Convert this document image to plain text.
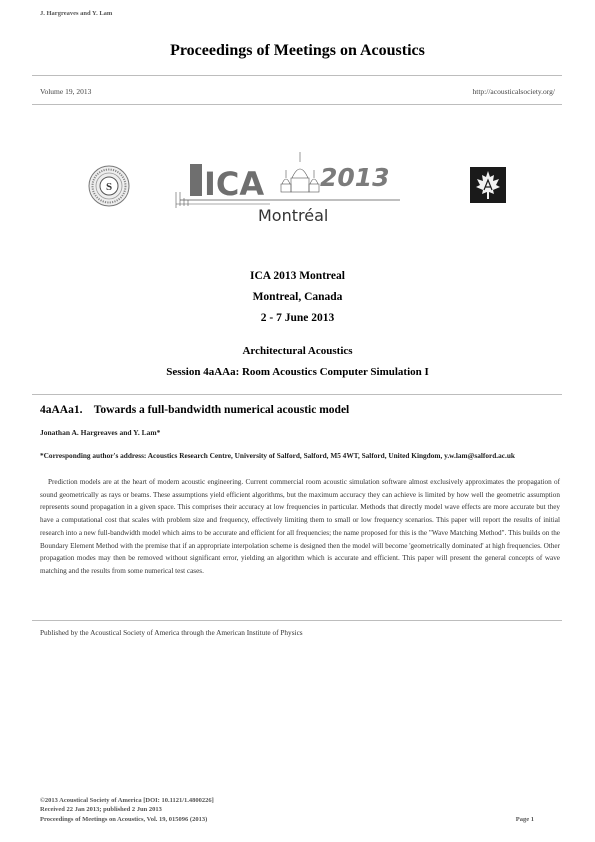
J. Hargreaves and Y. Lam
Proceedings of Meetings on Acoustics
Volume 19, 2013	http://acousticalsociety.org/
S	ICA 2013
Montréal
ICA 2013 Montreal
Montreal, Canada
2 - 7 June 2013
Architectural Acoustics
Session 4aAAa: Room Acoustics Computer Simulation I
4aAAa1.    Towards a full-bandwidth numerical acoustic model
Jonathan A. Hargreaves and Y. Lam*
*Corresponding author's address: Acoustics Research Centre, University of Salford, Salford, M5 4WT, Salford, United Kingdom, y.w.lam@salford.ac.uk
Prediction models are at the heart of modern acoustic engineering. Current commercial room acoustic simulation software almost exclusively approximates the propagation of sound geometrically as rays or beams. These assumptions yield efficient algorithms, but the maximum accuracy they can achieve is limited by how well the geometric assumption represents sound propagation in a given space. This comprises their accuracy at low frequencies in particular. Methods that directly model wave effects are more accurate but they have a computational cost that scales with problem size and frequency, effectively limiting them to small or low frequency scenarios. This paper will report the results of initial research into a new full-bandwidth model which aims to be accurate and efficient for all frequencies; the name proposed for this is the "Wave Matching Method". This builds on the Boundary Element Method with the premise that if an appropriate interpolation scheme is designed then the model will become 'geometrically dominated' at high frequencies. Other propagation modes may then be removed without significant error, yielding an algorithm which is accurate and efficient. This paper will present the general concepts of wave matching and the results from some numerical test cases.
Published by the Acoustical Society of America through the American Institute of Physics
©2013 Acoustical Society of America [DOI: 10.1121/1.4800226]
Received 22 Jan 2013; published 2 Jun 2013
Proceedings of Meetings on Acoustics, Vol. 19, 015096 (2013)	Page 1
